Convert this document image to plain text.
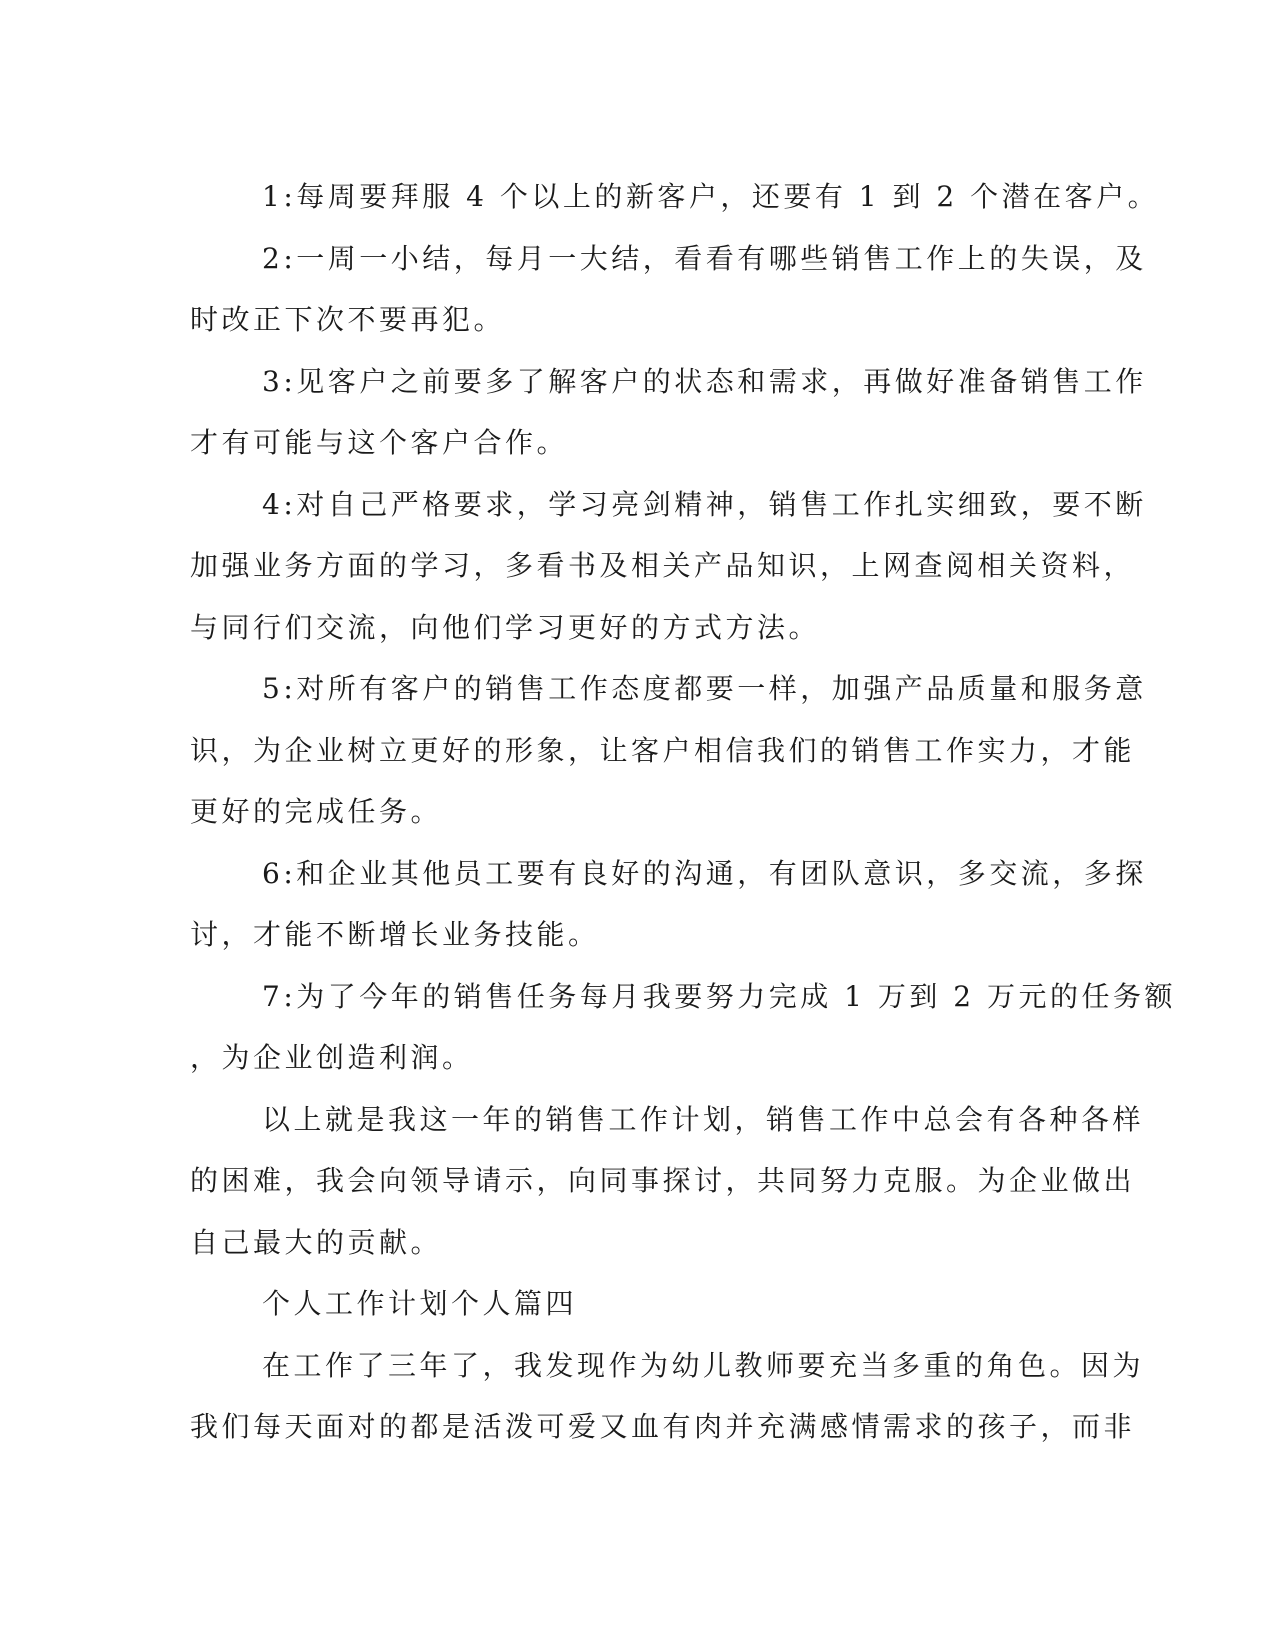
1:每周要拜服 4 个以上的新客户，还要有 1 到 2 个潜在客户。
2:一周一小结，每月一大结，看看有哪些销售工作上的失误，及
时改正下次不要再犯。
3:见客户之前要多了解客户的状态和需求，再做好准备销售工作
才有可能与这个客户合作。
4:对自己严格要求，学习亮剑精神，销售工作扎实细致，要不断
加强业务方面的学习，多看书及相关产品知识，上网查阅相关资料，
与同行们交流，向他们学习更好的方式方法。
5:对所有客户的销售工作态度都要一样，加强产品质量和服务意
识，为企业树立更好的形象，让客户相信我们的销售工作实力，才能
更好的完成任务。
6:和企业其他员工要有良好的沟通，有团队意识，多交流，多探
讨，才能不断增长业务技能。
7:为了今年的销售任务每月我要努力完成 1 万到 2 万元的任务额
，为企业创造利润。
以上就是我这一年的销售工作计划，销售工作中总会有各种各样
的困难，我会向领导请示，向同事探讨，共同努力克服。为企业做出
自己最大的贡献。
个人工作计划个人篇四
在工作了三年了，我发现作为幼儿教师要充当多重的角色。因为
我们每天面对的都是活泼可爱又血有肉并充满感情需求的孩子，而非
